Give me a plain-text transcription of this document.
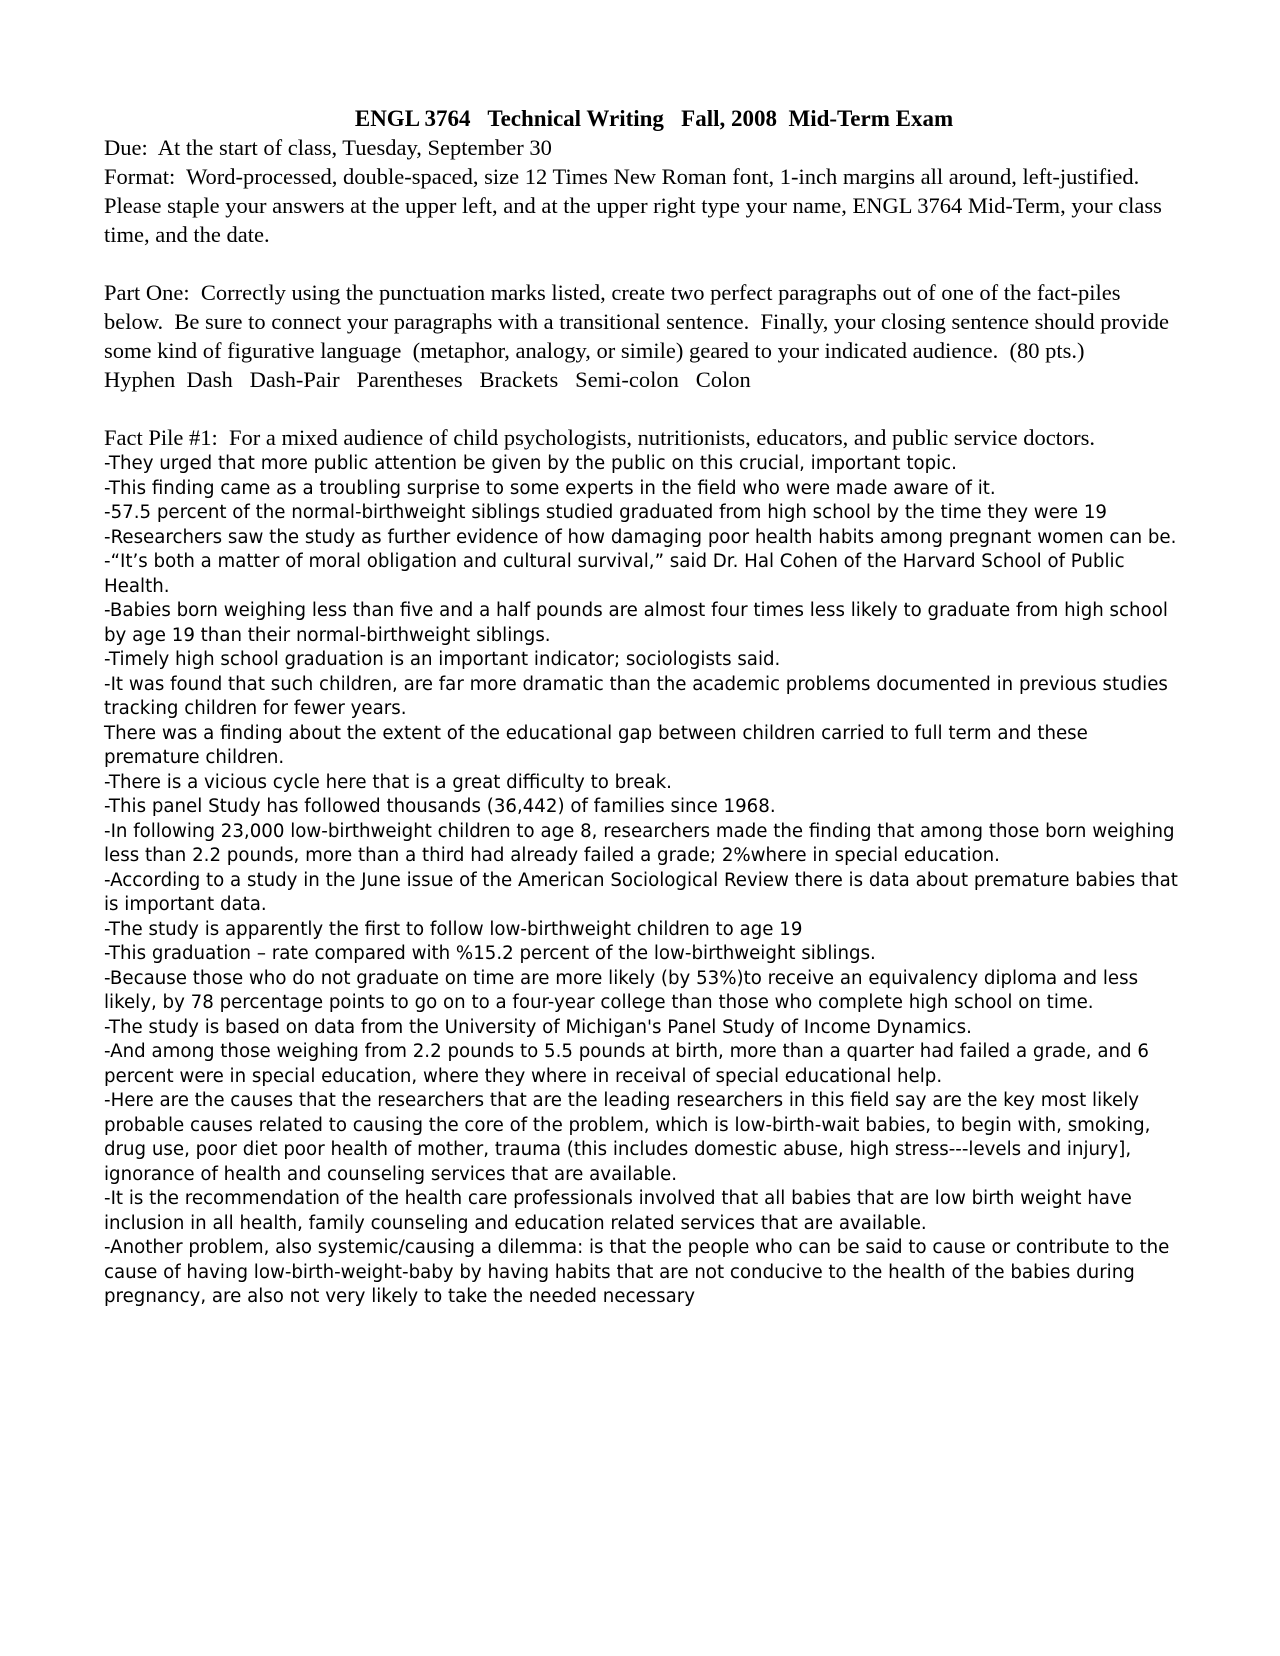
ENGL 3764   Technical Writing   Fall, 2008  Mid-Term Exam

Due:  At the start of class, Tuesday, September 30

Format:  Word-processed, double-spaced, size 12 Times New Roman font, 1-inch margins all around, left-justified.  Please staple your answers at the upper left, and at the upper right type your name, ENGL 3764 Mid-Term, your class time, and the date.

Part One:  Correctly using the punctuation marks listed, create two perfect paragraphs out of one of the fact-piles below.  Be sure to connect your paragraphs with a transitional sentence.  Finally, your closing sentence should provide some kind of figurative language  (metaphor, analogy, or simile) geared to your indicated audience.  (80 pts.)

Hyphen  Dash   Dash-Pair   Parentheses   Brackets   Semi-colon   Colon

Fact Pile #1:  For a mixed audience of child psychologists, nutritionists, educators, and public service doctors.

-They urged that more public attention be given by the public on this crucial, important topic.
-This finding came as a troubling surprise to some experts in the field who were made aware of it.
-57.5 percent of the normal-birthweight siblings studied graduated from high school by the time they were 19
-Researchers saw the study as further evidence of how damaging poor health habits among pregnant women can be.
-“It’s both a matter of moral obligation and cultural survival,” said Dr. Hal Cohen of the Harvard School of Public Health.
-Babies born weighing less than five and a half pounds are almost four times less likely to graduate from high school by age 19 than their normal-birthweight siblings.
-Timely high school graduation is an important indicator; sociologists said.
-It was found that such children, are far more dramatic than the academic problems documented in previous studies tracking children for fewer years.
There was a finding about the extent of the educational gap between children carried to full term and these premature children.
-There is a vicious cycle here that is a great difficulty to break.
-This panel Study has followed thousands (36,442) of families since 1968.
-In following 23,000 low-birthweight children to age 8, researchers made the finding that among those born weighing less than 2.2 pounds, more than a third had already failed a grade; 2%where in special education.
-According to a study in the June issue of the American Sociological Review there is data about premature babies that is important data.
-The study is apparently the first to follow low-birthweight children to age 19
-This graduation – rate compared with %15.2 percent of the low-birthweight siblings.
-Because those who do not graduate on time are more likely (by 53%)to receive an equivalency diploma and less likely, by 78 percentage points to go on to a four-year college than those who complete high school on time.
-The study is based on data from the University of Michigan's Panel Study of Income Dynamics.
-And among those weighing from 2.2 pounds to 5.5 pounds at birth, more than a quarter had failed a grade, and 6 percent were in special education, where they where in receival of special educational help.
-Here are the causes that the researchers that are the leading researchers in this field say are the key most likely probable causes related to causing the core of the problem, which is low-birth-wait babies, to begin with, smoking, drug use, poor diet poor health of mother, trauma (this includes domestic abuse, high stress---levels and injury], ignorance of health and counseling services that are available.
-It is the recommendation of the health care professionals involved that all babies that are low birth weight have inclusion in all health, family counseling and education related services that are available.
-Another problem, also systemic/causing a dilemma: is that the people who can be said to cause or contribute to the cause of having low-birth-weight-baby by having habits that are not conducive to the health of the babies during pregnancy, are also not very likely to take the needed necessary
